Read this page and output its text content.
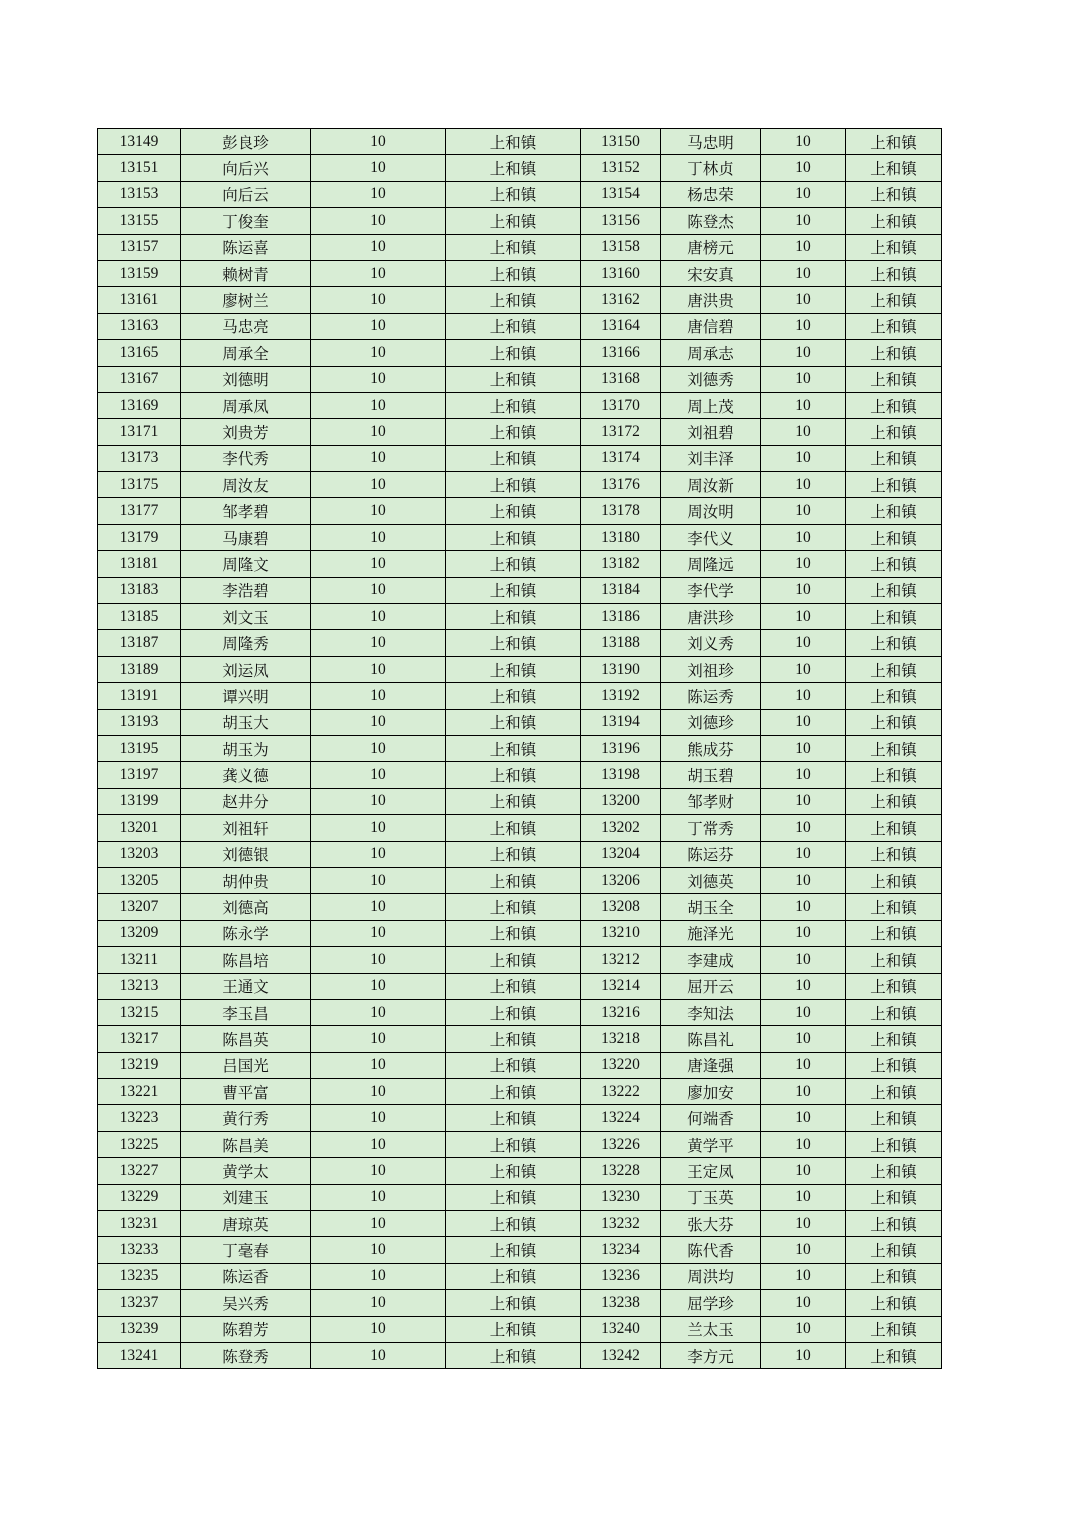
13149	彭良珍	10	上和镇	13150	马忠明	10	上和镇
13151	向后兴	10	上和镇	13152	丁林贞	10	上和镇
13153	向后云	10	上和镇	13154	杨忠荣	10	上和镇
13155	丁俊奎	10	上和镇	13156	陈登杰	10	上和镇
13157	陈运喜	10	上和镇	13158	唐榜元	10	上和镇
13159	赖树青	10	上和镇	13160	宋安真	10	上和镇
13161	廖树兰	10	上和镇	13162	唐洪贵	10	上和镇
13163	马忠亮	10	上和镇	13164	唐信碧	10	上和镇
13165	周承全	10	上和镇	13166	周承志	10	上和镇
13167	刘德明	10	上和镇	13168	刘德秀	10	上和镇
13169	周承凤	10	上和镇	13170	周上茂	10	上和镇
13171	刘贵芳	10	上和镇	13172	刘祖碧	10	上和镇
13173	李代秀	10	上和镇	13174	刘丰泽	10	上和镇
13175	周汝友	10	上和镇	13176	周汝新	10	上和镇
13177	邹孝碧	10	上和镇	13178	周汝明	10	上和镇
13179	马康碧	10	上和镇	13180	李代义	10	上和镇
13181	周隆文	10	上和镇	13182	周隆远	10	上和镇
13183	李浩碧	10	上和镇	13184	李代学	10	上和镇
13185	刘文玉	10	上和镇	13186	唐洪珍	10	上和镇
13187	周隆秀	10	上和镇	13188	刘义秀	10	上和镇
13189	刘运凤	10	上和镇	13190	刘祖珍	10	上和镇
13191	谭兴明	10	上和镇	13192	陈运秀	10	上和镇
13193	胡玉大	10	上和镇	13194	刘德珍	10	上和镇
13195	胡玉为	10	上和镇	13196	熊成芬	10	上和镇
13197	龚义德	10	上和镇	13198	胡玉碧	10	上和镇
13199	赵井分	10	上和镇	13200	邹孝财	10	上和镇
13201	刘祖轩	10	上和镇	13202	丁常秀	10	上和镇
13203	刘德银	10	上和镇	13204	陈运芬	10	上和镇
13205	胡仲贵	10	上和镇	13206	刘德英	10	上和镇
13207	刘德高	10	上和镇	13208	胡玉全	10	上和镇
13209	陈永学	10	上和镇	13210	施泽光	10	上和镇
13211	陈昌培	10	上和镇	13212	李建成	10	上和镇
13213	王通文	10	上和镇	13214	屈开云	10	上和镇
13215	李玉昌	10	上和镇	13216	李知法	10	上和镇
13217	陈昌英	10	上和镇	13218	陈昌礼	10	上和镇
13219	吕国光	10	上和镇	13220	唐逢强	10	上和镇
13221	曹平富	10	上和镇	13222	廖加安	10	上和镇
13223	黄行秀	10	上和镇	13224	何端香	10	上和镇
13225	陈昌美	10	上和镇	13226	黄学平	10	上和镇
13227	黄学太	10	上和镇	13228	王定凤	10	上和镇
13229	刘建玉	10	上和镇	13230	丁玉英	10	上和镇
13231	唐琼英	10	上和镇	13232	张大芬	10	上和镇
13233	丁毫春	10	上和镇	13234	陈代香	10	上和镇
13235	陈运香	10	上和镇	13236	周洪均	10	上和镇
13237	吴兴秀	10	上和镇	13238	屈学珍	10	上和镇
13239	陈碧芳	10	上和镇	13240	兰太玉	10	上和镇
13241	陈登秀	10	上和镇	13242	李方元	10	上和镇
